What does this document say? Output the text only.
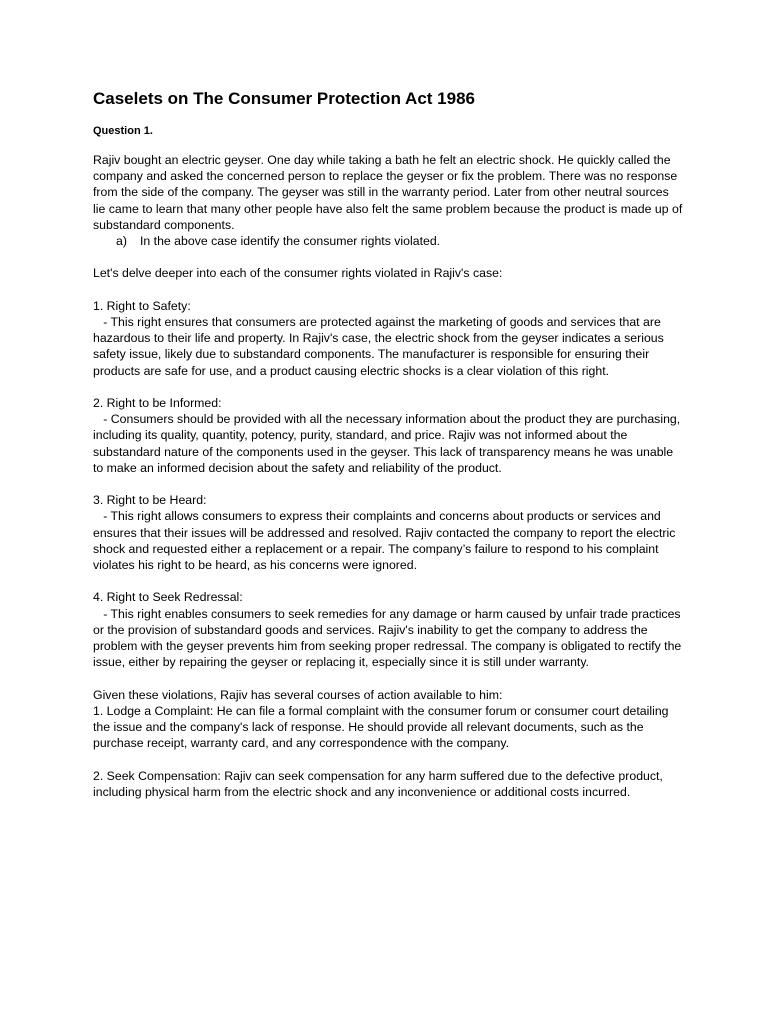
Caselets on The Consumer Protection Act 1986
Question 1.

Rajiv bought an electric geyser. One day while taking a bath he felt an electric shock. He quickly called the company and asked the concerned person to replace the geyser or fix the problem. There was no response from the side of the company. The geyser was still in the warranty period. Later from other neutral sources lie came to learn that many other people have also felt the same problem because the product is made up of substandard components.

a) In the above case identify the consumer rights violated.

Let's delve deeper into each of the consumer rights violated in Rajiv's case:

1. Right to Safety:

- This right ensures that consumers are protected against the marketing of goods and services that are hazardous to their life and property. In Rajiv's case, the electric shock from the geyser indicates a serious safety issue, likely due to substandard components. The manufacturer is responsible for ensuring their products are safe for use, and a product causing electric shocks is a clear violation of this right.

2. Right to be Informed:

- Consumers should be provided with all the necessary information about the product they are purchasing, including its quality, quantity, potency, purity, standard, and price. Rajiv was not informed about the substandard nature of the components used in the geyser. This lack of transparency means he was unable to make an informed decision about the safety and reliability of the product.

3. Right to be Heard:

- This right allows consumers to express their complaints and concerns about products or services and ensures that their issues will be addressed and resolved. Rajiv contacted the company to report the electric shock and requested either a replacement or a repair. The company’s failure to respond to his complaint violates his right to be heard, as his concerns were ignored.

4. Right to Seek Redressal:

- This right enables consumers to seek remedies for any damage or harm caused by unfair trade practices or the provision of substandard goods and services. Rajiv's inability to get the company to address the problem with the geyser prevents him from seeking proper redressal. The company is obligated to rectify the issue, either by repairing the geyser or replacing it, especially since it is still under warranty.

Given these violations, Rajiv has several courses of action available to him:

1. Lodge a Complaint: He can file a formal complaint with the consumer forum or consumer court detailing the issue and the company's lack of response. He should provide all relevant documents, such as the purchase receipt, warranty card, and any correspondence with the company.

2. Seek Compensation: Rajiv can seek compensation for any harm suffered due to the defective product, including physical harm from the electric shock and any inconvenience or additional costs incurred.
